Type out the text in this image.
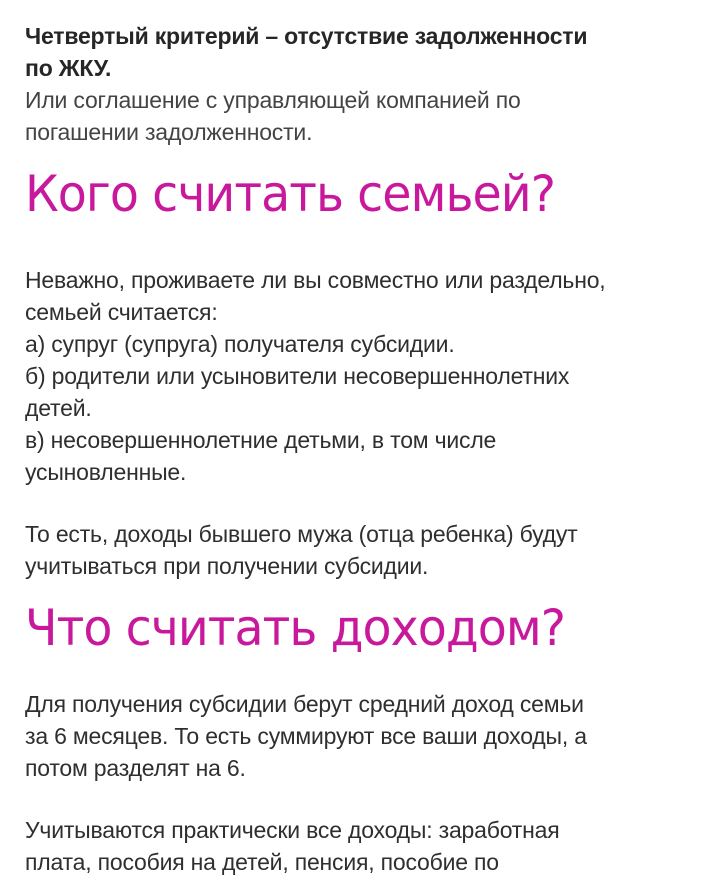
Четвертый критерий – отсутствие задолженности

по ЖКУ.

Или соглашение с управляющей компанией по

погашении задолженности.

Кого считать семьей?

Неважно, проживаете ли вы совместно или раздельно,

семьей считается:

а) супруг (супруга) получателя субсидии.

б) родители или усыновители несовершеннолетних

детей.

в) несовершеннолетние детьми, в том числе

усыновленные.

То есть, доходы бывшего мужа (отца ребенка) будут

учитываться при получении субсидии.

Что считать доходом?

Для получения субсидии берут средний доход семьи

за 6 месяцев. То есть суммируют все ваши доходы, а

потом разделят на 6.

Учитываются практически все доходы: заработная

плата, пособия на детей, пенсия, пособие по
